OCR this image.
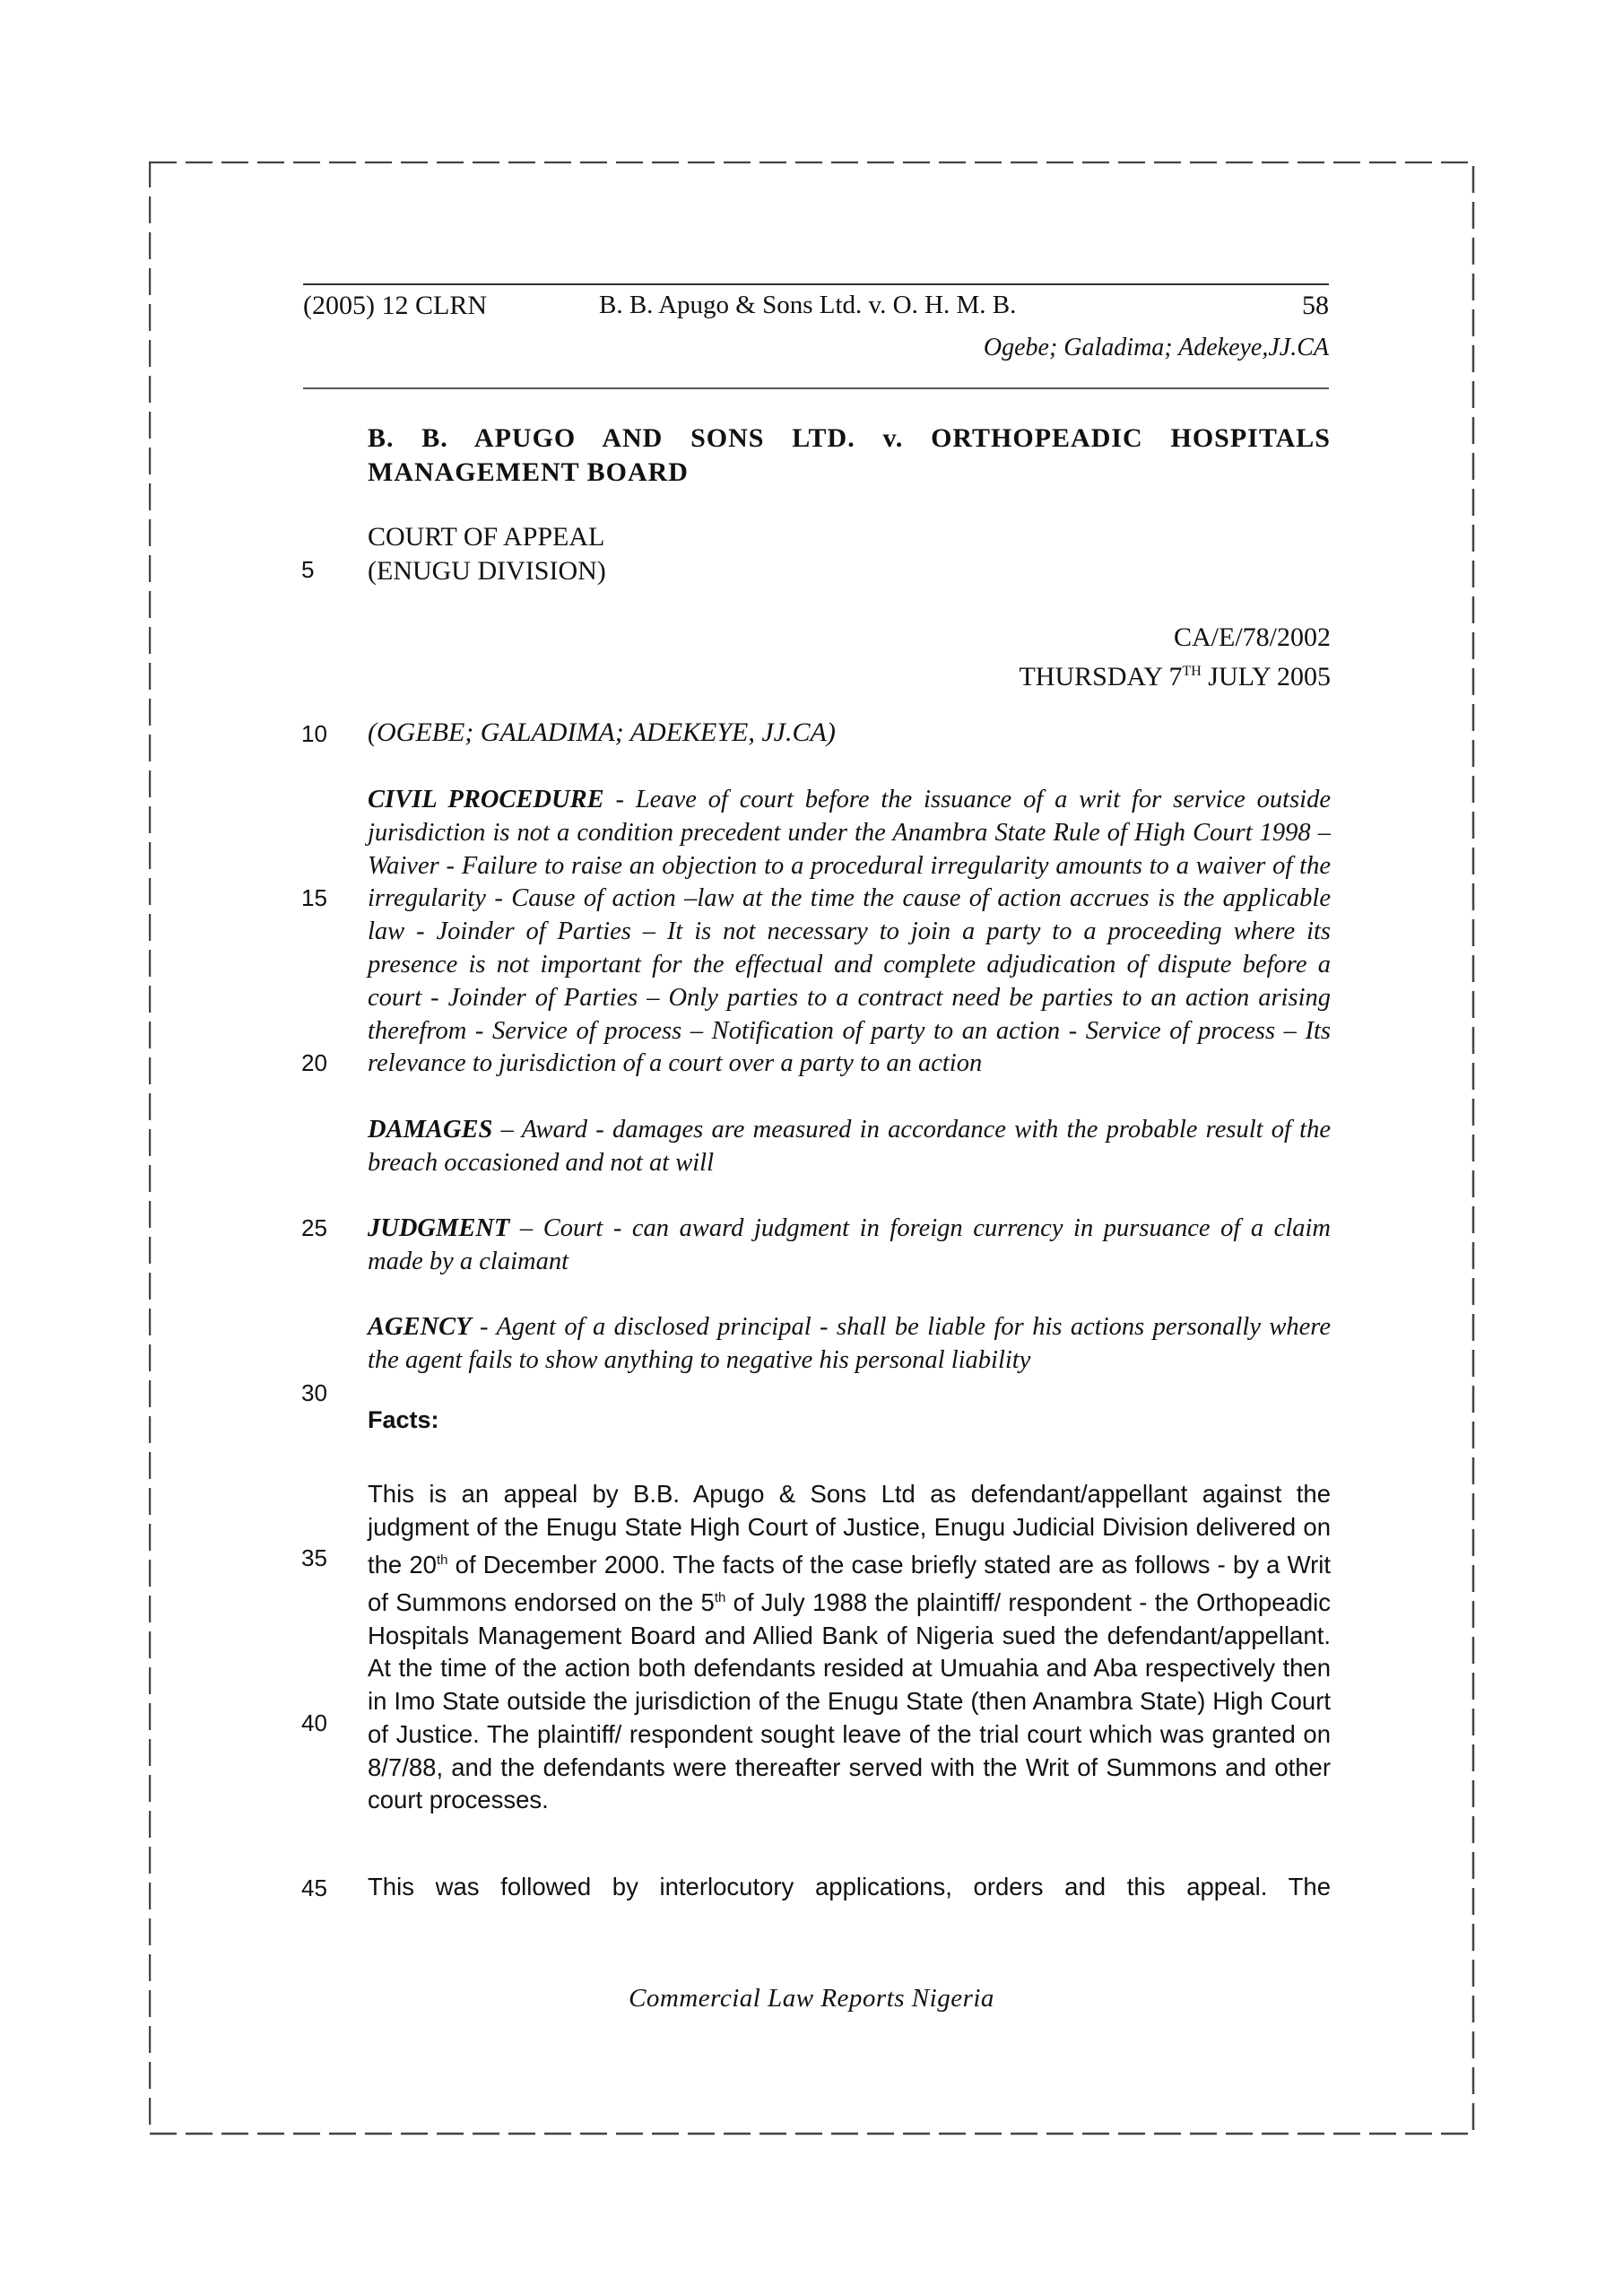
(2005) 12 CLRN	B. B. Apugo & Sons Ltd. v. O. H. M. B.	58
Ogebe; Galadima; Adekeye,JJ.CA
5
10
15
20
25
30
35
40
45
B. B. APUGO AND SONS LTD. v. ORTHOPEADIC HOSPITALS
MANAGEMENT BOARD
COURT OF APPEAL
(ENUGU DIVISION)
CA/E/78/2002
THURSDAY 7TH JULY 2005
(OGEBE; GALADIMA; ADEKEYE, JJ.CA)
CIVIL PROCEDURE - Leave of court before the issuance of a writ for service outside jurisdiction is not a condition precedent under the Anambra State Rule of High Court 1998 – Waiver - Failure to raise an objection to a procedural irregularity amounts to a waiver of the irregularity - Cause of action –law at the time the cause of action accrues is the applicable law - Joinder of Parties – It is not necessary to join a party to a proceeding where its presence is not important for the effectual and complete adjudication of dispute before a court - Joinder of Parties – Only parties to a contract need be parties to an action arising therefrom - Service of process – Notification of party to an action - Service of process – Its relevance to jurisdiction of a court over a party to an action
DAMAGES – Award - damages are measured in accordance with the probable result of the breach occasioned and not at will
JUDGMENT – Court - can award judgment in foreign currency in pursuance of a claim made by a claimant
AGENCY - Agent of a disclosed principal - shall be liable for his actions personally where the agent fails to show anything to negative his personal liability
Facts:
This is an appeal by B.B. Apugo & Sons Ltd as defendant/appellant against the judgment of the Enugu State High Court of Justice, Enugu Judicial Division delivered on the 20th of December 2000. The facts of the case briefly stated are as follows - by a Writ of Summons endorsed on the 5th of July 1988 the plaintiff/ respondent - the Orthopeadic Hospitals Management Board and Allied Bank of Nigeria sued the defendant/appellant. At the time of the action both defendants resided at Umuahia and Aba respectively then in Imo State outside the jurisdiction of the Enugu State (then Anambra State) High Court of Justice. The plaintiff/ respondent sought leave of the trial court which was granted on 8/7/88, and the defendants were thereafter served with the Writ of Summons and other court processes.
This was followed by interlocutory applications, orders and this appeal. The
Commercial Law Reports Nigeria
